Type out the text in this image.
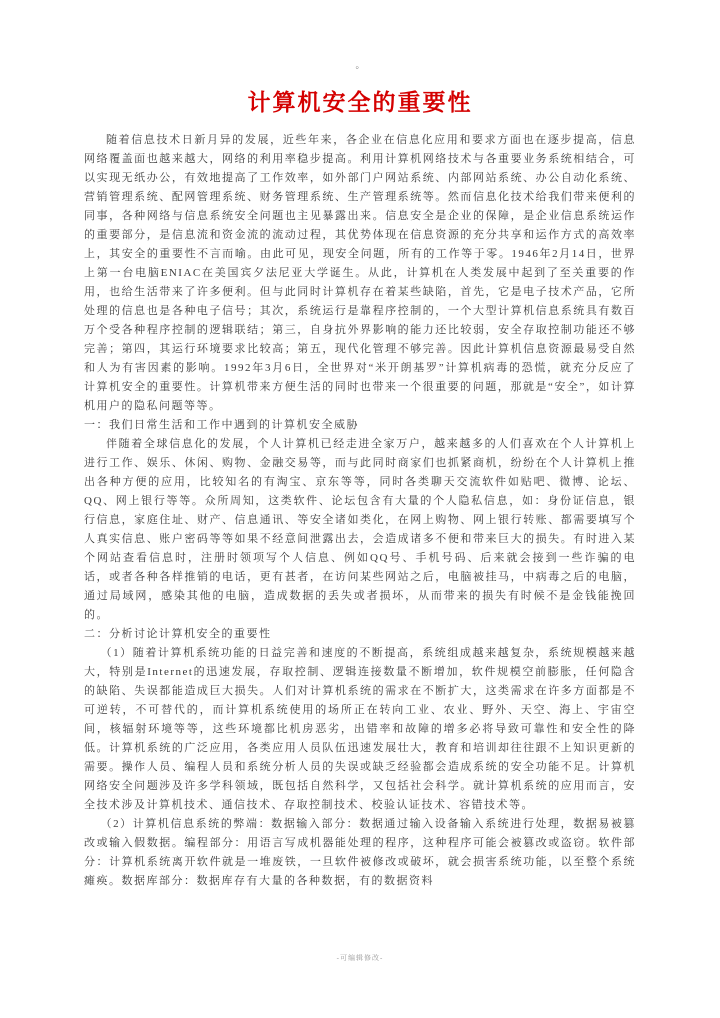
。
计算机安全的重要性

随着信息技术日新月异的发展，近些年来，各企业在信息化应用和要求方面也在逐步提高，信息网络覆盖面也越来越大，网络的利用率稳步提高。利用计算机网络技术与各重要业务系统相结合，可以实现无纸办公，有效地提高了工作效率，如外部门户网站系统、内部网站系统、办公自动化系统、营销管理系统、配网管理系统、财务管理系统、生产管理系统等。然而信息化技术给我们带来便利的同事，各种网络与信息系统安全问题也主见暴露出来。信息安全是企业的保障，是企业信息系统运作的重要部分，是信息流和资金流的流动过程，其优势体现在信息资源的充分共享和运作方式的高效率上，其安全的重要性不言而喻。由此可见，现安全问题，所有的工作等于零。1946年2月14日，世界上第一台电脑ENIAC在美国宾夕法尼亚大学诞生。从此，计算机在人类发展中起到了至关重要的作用，也给生活带来了许多便利。但与此同时计算机存在着某些缺陷，首先，它是电子技术产品，它所处理的信息也是各种电子信号；其次，系统运行是靠程序控制的，一个大型计算机信息系统具有数百万个受各种程序控制的逻辑联结；第三，自身抗外界影响的能力还比较弱，安全存取控制功能还不够完善；第四，其运行环境要求比较高；第五，现代化管理不够完善。因此计算机信息资源最易受自然和人为有害因素的影响。1992年3月6日，全世界对“米开朗基罗”计算机病毒的恐慌，就充分反应了计算机安全的重要性。计算机带来方便生活的同时也带来一个很重要的问题，那就是“安全”，如计算机用户的隐私问题等等。

一：我们日常生活和工作中遇到的计算机安全威胁

伴随着全球信息化的发展，个人计算机已经走进全家万户，越来越多的人们喜欢在个人计算机上进行工作、娱乐、休闲、购物、金融交易等，而与此同时商家们也抓紧商机，纷纷在个人计算机上推出各种方便的应用，比较知名的有淘宝、京东等等，同时各类聊天交流软件如贴吧、微博、论坛、QQ、网上银行等等。众所周知，这类软件、论坛包含有大量的个人隐私信息，如：身份证信息，银行信息，家庭住址、财产、信息通讯、等安全诸如类化，在网上购物、网上银行转账、都需要填写个人真实信息、账户密码等等如果不经意间泄露出去，会造成诸多不便和带来巨大的损失。有时进入某个网站查看信息时，注册时领项写个人信息、例如QQ号、手机号码、后来就会接到一些诈骗的电话，或者各种各样推销的电话，更有甚者，在访问某些网站之后，电脑被挂马，中病毒之后的电脑，通过局域网，感染其他的电脑，造成数据的丢失或者损坏，从而带来的损失有时候不是金钱能挽回的。

二：分析讨论计算机安全的重要性

（1）随着计算机系统功能的日益完善和速度的不断提高，系统组成越来越复杂，系统规模越来越大，特别是Internet的迅速发展，存取控制、逻辑连接数量不断增加，软件规模空前膨胀，任何隐含的缺陷、失误都能造成巨大损失。人们对计算机系统的需求在不断扩大，这类需求在许多方面都是不可逆转，不可替代的，而计算机系统使用的场所正在转向工业、农业、野外、天空、海上、宇宙空间，核辐射环境等等，这些环境都比机房恶劣，出错率和故障的增多必将导致可靠性和安全性的降低。计算机系统的广泛应用，各类应用人员队伍迅速发展壮大，教育和培训却往往跟不上知识更新的需要。操作人员、编程人员和系统分析人员的失误或缺乏经验都会造成系统的安全功能不足。计算机网络安全问题涉及许多学科领域，既包括自然科学，又包括社会科学。就计算机系统的应用而言，安全技术涉及计算机技术、通信技术、存取控制技术、校验认证技术、容错技术等。

（2）计算机信息系统的弊端：数据输入部分：数据通过输入设备输入系统进行处理，数据易被篡改或输入假数据。编程部分：用语言写成机器能处理的程序，这种程序可能会被篡改或盗窃。软件部分：计算机系统离开软件就是一堆废铁，一旦软件被修改或破坏，就会损害系统功能，以至整个系统瘫痪。数据库部分：数据库存有大量的各种数据，有的数据资料

-可编辑修改-
